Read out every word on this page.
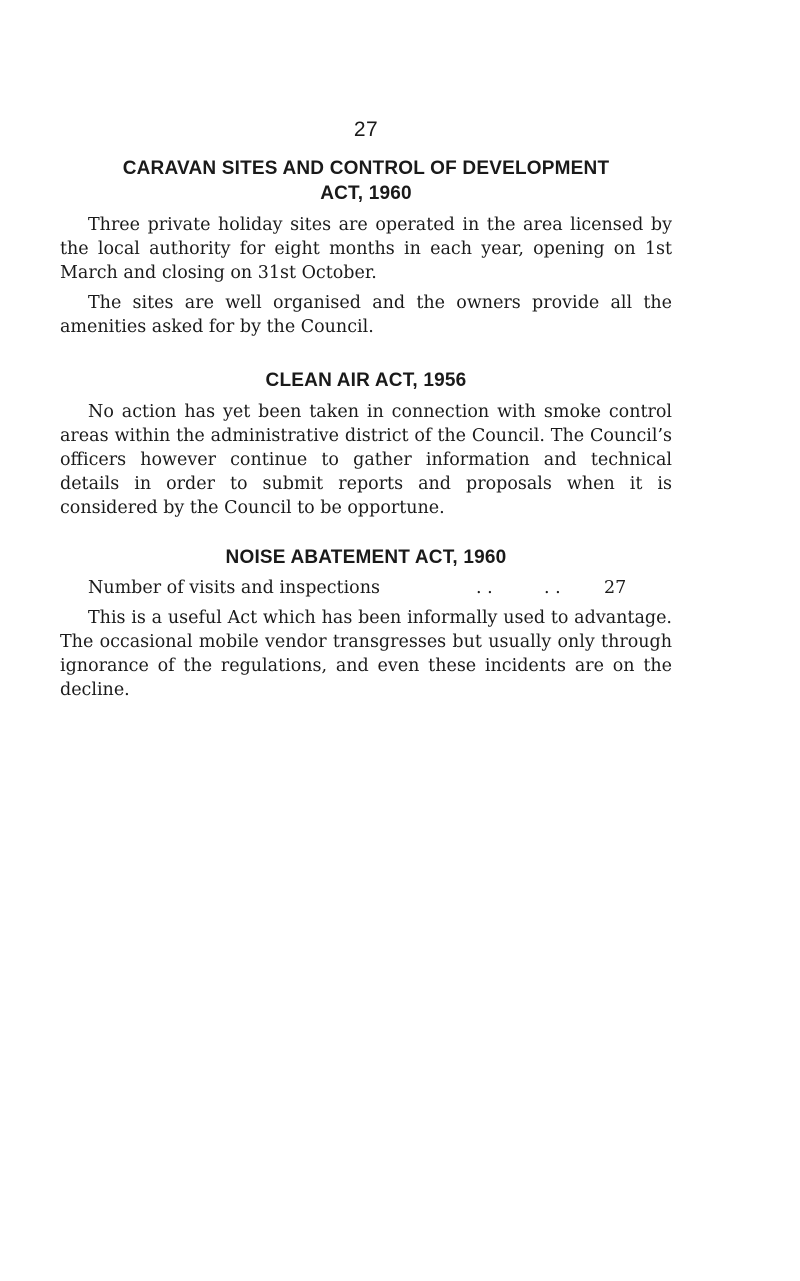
27
CARAVAN SITES AND CONTROL OF DEVELOPMENT
ACT, 1960

Three private holiday sites are operated in the area licensed by the local authority for eight months in each year, opening on 1st March and closing on 31st October.

The sites are well organised and the owners provide all the amenities asked for by the Council.

CLEAN AIR ACT, 1956

No action has yet been taken in connection with smoke control areas within the administrative district of the Council. The Council’s officers however continue to gather information and technical details in order to submit reports and proposals when it is considered by the Council to be opportune.

NOISE ABATEMENT ACT, 1960
Number of visits and inspections	. .	. .	27

This is a useful Act which has been informally used to advantage. The occasional mobile vendor transgresses but usually only through ignorance of the regulations, and even these incidents are on the decline.
